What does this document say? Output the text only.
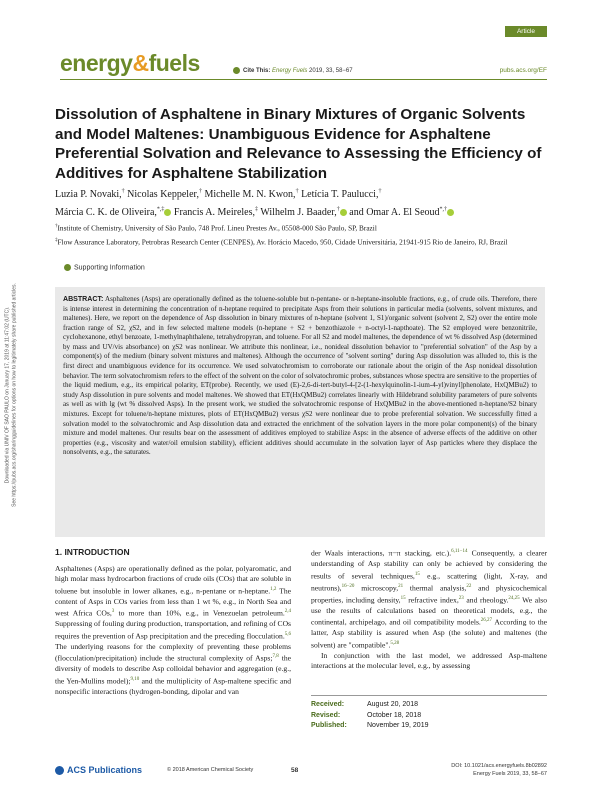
Downloaded via UNIV OF SAO PAULO on January 17, 2019 at 11:47:02 (UTC). See https://pubs.acs.org/sharingguidelines for options on how to legitimately share published articles.
Article
energy&fuels	Cite This: Energy Fuels 2019, 33, 58−67	pubs.acs.org/EF
Dissolution of Asphaltene in Binary Mixtures of Organic Solvents and Model Maltenes: Unambiguous Evidence for Asphaltene Preferential Solvation and Relevance to Assessing the Efficiency of Additives for Asphaltene Stabilization
Luzia P. Novaki,† Nicolas Keppeler,† Michelle M. N. Kwon,† Letícia T. Paulucci,†
Márcia C. K. de Oliveira,*,‡ Francis A. Meireles,‡ Wilhelm J. Baader,† and Omar A. El Seoud*,†

†Institute of Chemistry, University of São Paulo, 748 Prof. Lineu Prestes Av., 05508-000 São Paulo, SP, Brazil

‡Flow Assurance Laboratory, Petrobras Research Center (CENPES), Av. Horácio Macedo, 950, Cidade Universitária, 21941-915 Rio de Janeiro, RJ, Brazil

Supporting Information
ABSTRACT: Asphaltenes (Asps) are operationally defined as the toluene-soluble but n-pentane- or n-heptane-insoluble fractions, e.g., of crude oils. Therefore, there is intense interest in determining the concentration of n-heptane required to precipitate Asps from their solutions in particular media (solvents, solvent mixtures, and maltenes). Here, we report on the dependence of Asp dissolution in binary mixtures of n-heptane (solvent 1, S1)/organic solvent (solvent 2, S2) over the entire mole fraction range of S2, χS2, and in few selected maltene models (n-heptane + S2 + benzothiazole + n-octyl-1-napthoate). The S2 employed were benzonitrile, cyclohexanone, ethyl benzoate, 1-methylnaphthalene, tetrahydropyran, and toluene. For all S2 and model maltenes, the dependence of wt % dissolved Asp (determined by mass and UV/vis absorbance) on χS2 was nonlinear. We attribute this nonlinear, i.e., nonideal dissolution behavior to "preferential solvation" of the Asp by a component(s) of the medium (binary solvent mixtures and maltenes). Although the occurrence of "solvent sorting" during Asp dissolution was alluded to, this is the first direct and unambiguous evidence for its occurrence. We used solvatochromism to corroborate our rationale about the origin of the Asp nonideal dissolution behavior. The term solvatochromism refers to the effect of the solvent on the color of solvatochromic probes, substances whose spectra are sensitive to the properties of the liquid medium, e.g., its empirical polarity, ET(probe). Recently, we used (E)-2,6-di-tert-butyl-4-[2-(1-hexylquinolin-1-ium-4-yl)vinyl]phenolate, HxQMBu2) to study Asp dissolution in pure solvents and model maltenes. We showed that ET(HxQMBu2) correlates linearly with Hildebrand solubility parameters of pure solvents as well as with lg (wt % dissolved Asps). In the present work, we studied the solvatochromic response of HxQMBu2 in the above-mentioned n-heptane/S2 binary mixtures. Except for toluene/n-heptane mixtures, plots of ET(HxQMBu2) versus χS2 were nonlinear due to probe preferential solvation. We successfully fitted a solvation model to the solvatochromic and Asp dissolution data and extracted the enrichment of the solvation layers in the more polar component(s) of the binary mixture and model maltenes. Our results bear on the assessment of additives employed to stabilize Asps: in the absence of adverse effects of the additive on other properties (e.g., viscosity and water/oil emulsion stability), efficient additives should accumulate in the solvation layer of Asp particles where they displace the nonsolvents, e.g., the saturates.
1. INTRODUCTION

Asphaltenes (Asps) are operationally defined as the polar, polyaromatic, and high molar mass hydrocarbon fractions of crude oils (COs) that are soluble in toluene but insoluble in lower alkanes, e.g., n-pentane or n-heptane.$^{1,2}$ The content of Asps in COs varies from less than 1 wt %, e.g., in North Sea and west Africa COs,$^3$ to more than 10%, e.g., in Venezuelan petroleum.$^{2,4}$ Suppressing of fouling during production, transportation, and refining of COs requires the prevention of Asp precipitation and the preceding flocculation.$^{5,6}$ The underlying reasons for the complexity of preventing these problems (flocculation/precipitation) include the structural complexity of Asps;$^{7,8}$ the diversity of models to describe Asp colloidal behavior and aggregation (e.g., the Yen-Mullins model);$^{9,10}$ and the multiplicity of Asp-maltene specific and nonspecific interactions (hydrogen-bonding, dipolar and van

der Waals interactions, π−π stacking, etc.).$^{6,11-14}$ Consequently, a clearer understanding of Asp stability can only be achieved by considering the results of several techniques,$^{15}$ e.g., scattering (light, X-ray, and neutrons),$^{16-20}$ microscopy,$^{21}$ thermal analysis,$^{22}$ and physicochemical properties, including density,$^{15}$ refractive index,$^{23}$ and rheology.$^{24,25}$ We also use the results of calculations based on theoretical models, e.g., the continental, archipelago, and oil compatibility models.$^{26,27}$ According to the latter, Asp stability is assured when Asp (the solute) and maltenes (the solvent) are "compatible".$^{5,28}$

In conjunction with the last model, we addressed Asp-maltene interactions at the molecular level, e.g., by assessing

Received:	August 20, 2018
Revised:	October 18, 2018
Published:	November 19, 2019
ACS Publications	© 2018 American Chemical Society	58
DOI: 10.1021/acs.energyfuels.8b02892
Energy Fuels 2019, 33, 58−67
